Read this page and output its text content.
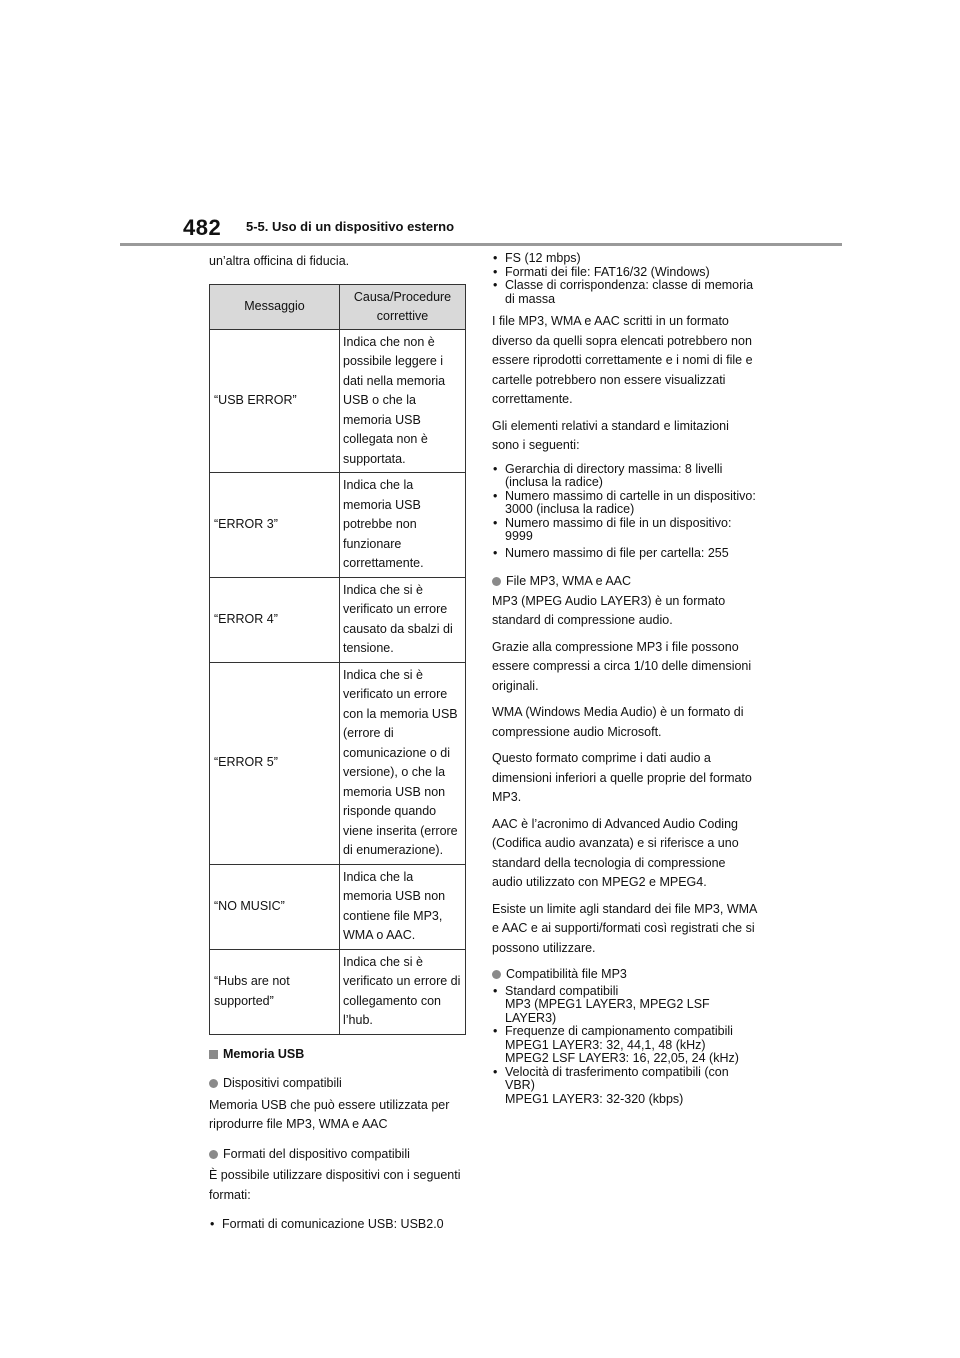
482 5-5. Uso di un dispositivo esterno

un’altra officina di fiducia.

Messaggio	Causa/Procedure correttive
“USB ERROR”	Indica che non è possibile leggere i dati nella memoria USB o che la memoria USB collegata non è supportata.
“ERROR 3”	Indica che la memoria USB potrebbe non funzionare correttamente.
“ERROR 4”	Indica che si è verificato un errore causato da sbalzi di tensione.
“ERROR 5”	Indica che si è verificato un errore con la memoria USB (errore di comunicazione o di versione), o che la memoria USB non risponde quando viene inserita (errore di enumerazione).
“NO MUSIC”	Indica che la memoria USB non contiene file MP3, WMA o AAC.
“Hubs are not supported”	Indica che si è verificato un errore di collegamento con l’hub.
Memoria USB
Dispositivi compatibili

Memoria USB che può essere utilizzata per riprodurre file MP3, WMA e AAC

Formati del dispositivo compatibili

È possibile utilizzare dispositivi con i seguenti formati:

• Formati di comunicazione USB: USB2.0
• FS (12 mbps)
• Formati dei file: FAT16/32 (Windows)
• Classe di corrispondenza: classe di memoria di massa

I file MP3, WMA e AAC scritti in un formato diverso da quelli sopra elencati potrebbero non essere riprodotti correttamente e i nomi di file e cartelle potrebbero non essere visualizzati correttamente.

Gli elementi relativi a standard e limitazioni sono i seguenti:

• Gerarchia di directory massima: 8 livelli (inclusa la radice)
• Numero massimo di cartelle in un dispositivo: 3000 (inclusa la radice)
• Numero massimo di file in un dispositivo: 9999
• Numero massimo di file per cartella: 255
File MP3, WMA e AAC

MP3 (MPEG Audio LAYER3) è un formato standard di compressione audio.

Grazie alla compressione MP3 i file possono essere compressi a circa 1/10 delle dimensioni originali.

WMA (Windows Media Audio) è un formato di compressione audio Microsoft.

Questo formato comprime i dati audio a dimensioni inferiori a quelle proprie del formato MP3.

AAC è l’acronimo di Advanced Audio Coding (Codifica audio avanzata) e si riferisce a uno standard della tecnologia di compressione audio utilizzato con MPEG2 e MPEG4.

Esiste un limite agli standard dei file MP3, WMA e AAC e ai supporti/formati così registrati che si possono utilizzare.

Compatibilità file MP3
• Standard compatibili
MP3 (MPEG1 LAYER3, MPEG2 LSF LAYER3)
• Frequenze di campionamento compatibili
MPEG1 LAYER3: 32, 44,1, 48 (kHz)
MPEG2 LSF LAYER3: 16, 22,05, 24 (kHz)
• Velocità di trasferimento compatibili (con VBR)
MPEG1 LAYER3: 32-320 (kbps)
